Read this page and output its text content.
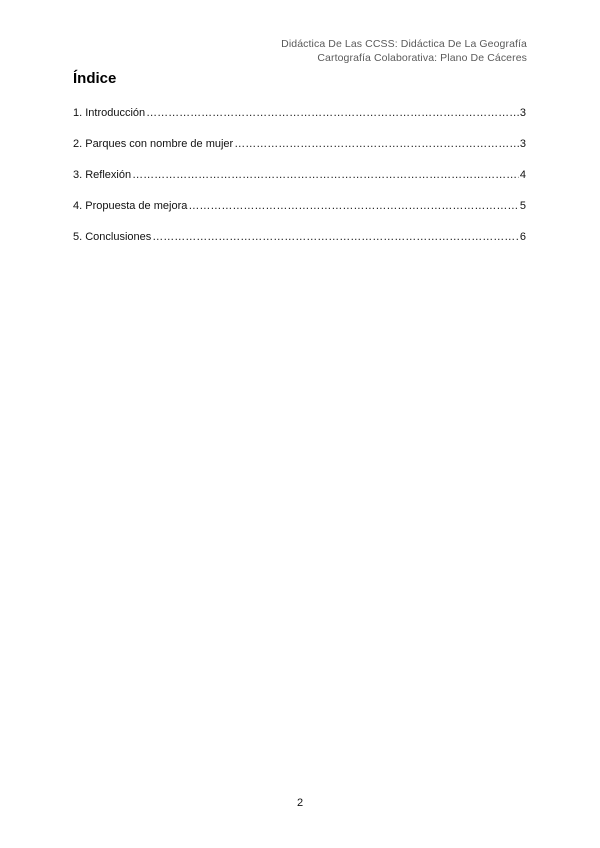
Didáctica De Las CCSS: Didáctica De La Geografía
Cartografía Colaborativa: Plano De Cáceres
Índice
1. Introducción ……………………………………………………………………………………………………………………………………………………………………………………	3
2. Parques con nombre de mujer ……………………………………………………………………………………………………………………………………………………………………………………	3
3. Reflexión ……………………………………………………………………………………………………………………………………………………………………………………	4
4. Propuesta de mejora ……………………………………………………………………………………………………………………………………………………………………………………	5
5. Conclusiones ……………………………………………………………………………………………………………………………………………………………………………………	6
2
